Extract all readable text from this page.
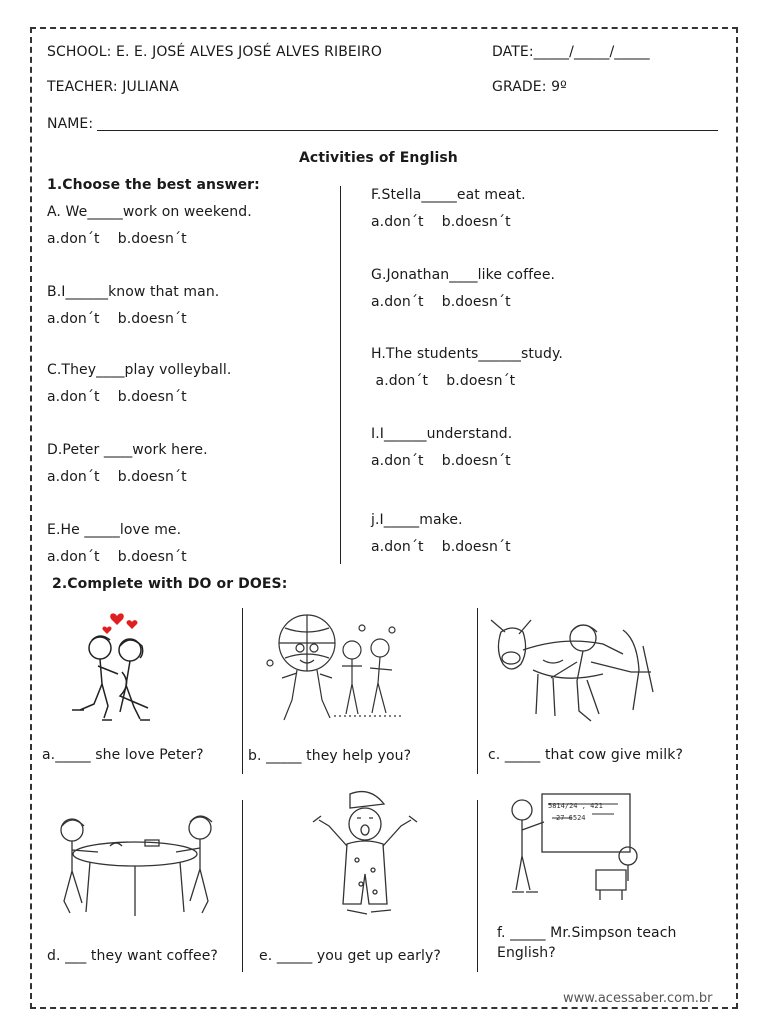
SCHOOL: E. E. JOSÉ ALVES JOSÉ ALVES RIBEIRO	DATE:_____/_____/_____
TEACHER: JULIANA	GRADE: 9º
NAME:
Activities of English
1.Choose the best answer:
A. We_____work on weekend.
a.don´t    b.doesn´t
B.I______know that man.
a.don´t    b.doesn´t
C.They____play volleyball.
a.don´t    b.doesn´t
D.Peter ____work here.
a.don´t    b.doesn´t
E.He _____love me.
a.don´t    b.doesn´t
F.Stella_____eat meat.
a.don´t    b.doesn´t
G.Jonathan____like coffee.
a.don´t    b.doesn´t
H.The students______study.
a.don´t    b.doesn´t
I.I______understand.
a.don´t    b.doesn´t
j.I_____make.
a.don´t    b.doesn´t
2.Complete with DO or DOES:
5814/24 , 421
27 6524
a._____ she love Peter?	b. _____ they help you?	c. _____ that cow give milk?
d. ___ they want coffee?	e. _____ you get up early?
f. _____ Mr.Simpson teach
English?
www.acessaber.com.br
